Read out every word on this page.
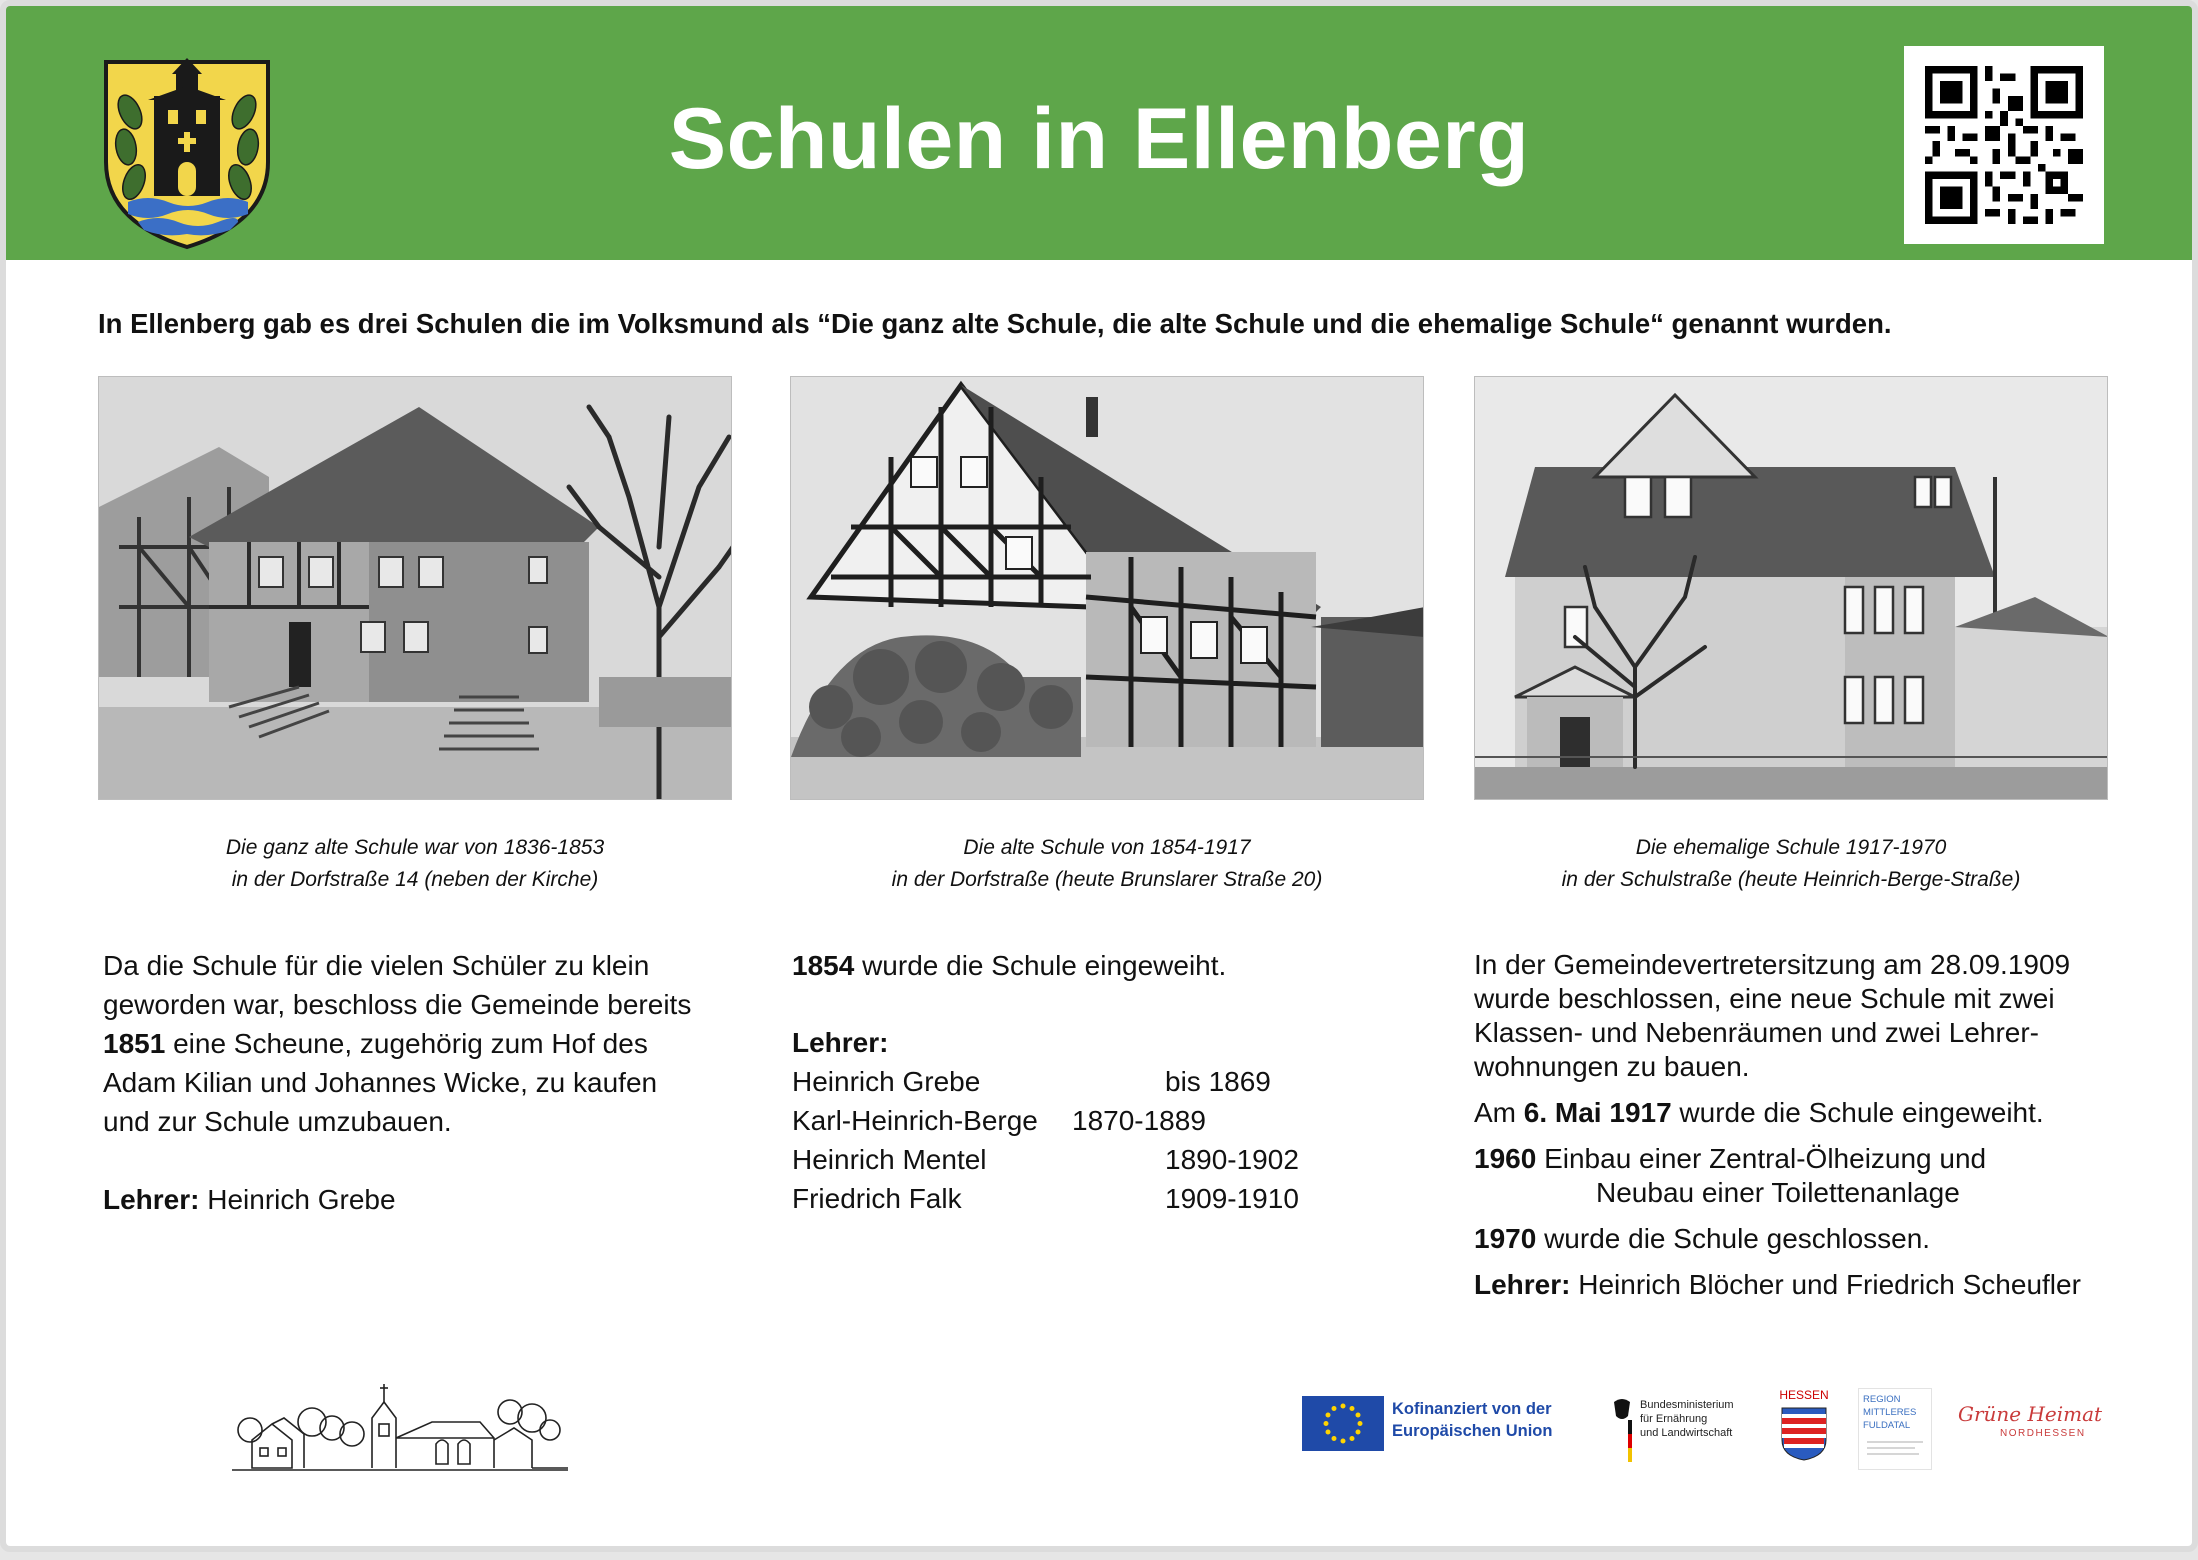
Schulen in Ellenberg
In Ellenberg gab es drei Schulen die im Volksmund als “Die ganz alte Schule, die alte Schule und die ehemalige Schule“ genannt wurden.
Die ganz alte Schule war von 1836-1853
in der Dorfstraße 14 (neben der Kirche)
Die alte Schule von 1854-1917
in der Dorfstraße (heute Brunslarer Straße 20)
Die ehemalige Schule 1917-1970
in der Schulstraße (heute Heinrich-Berge-Straße)

Da die Schule für die vielen Schüler zu klein

geworden war, beschloss die Gemeinde bereits

1851 eine Scheune, zugehörig zum Hof des

Adam Kilian und Johannes Wicke, zu kaufen

und zur Schule umzubauen.

Lehrer: Heinrich Grebe

1854 wurde die Schule eingeweiht.

Lehrer:

Heinrich Grebe	bis 1869
Karl-Heinrich-Berge	1870-1889
Heinrich Mentel	1890-1902
Friedrich Falk	1909-1910

In der Gemeindevertretersitzung am 28.09.1909

wurde beschlossen, eine neue Schule mit zwei

Klassen- und Nebenräumen und zwei Lehrer-

wohnungen zu bauen.

Am 6. Mai 1917 wurde die Schule eingeweiht.

1960 Einbau einer Zentral-Ölheizung und

Neubau einer Toilettenanlage

1970 wurde die Schule geschlossen.

Lehrer: Heinrich Blöcher und Friedrich Scheufler

Kofinanziert von der
Europäischen Union
Bundesministerium
für Ernährung
und Landwirtschaft
HESSEN	REGION
MITTLERES
FULDATAL	Grüne Heimat
NORDHESSEN
